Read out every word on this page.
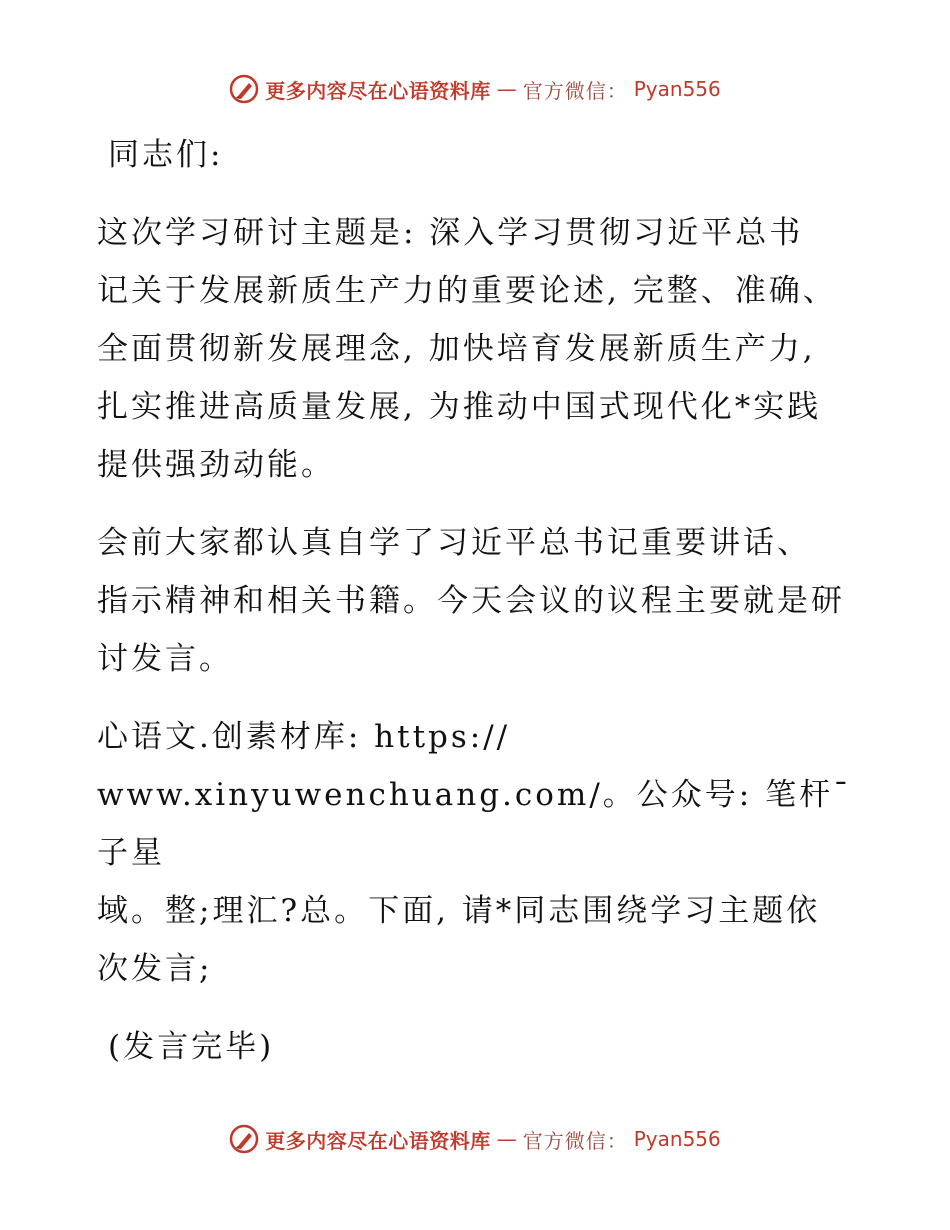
更多内容尽在心语资料库 — 官方微信： Pyan556
同志们:
这次学习研讨主题是: 深入学习贯彻习近平总书
记关于发展新质生产力的重要论述, 完整、准确、
全面贯彻新发展理念, 加快培育发展新质生产力,
扎实推进高质量发展, 为推动中国式现代化*实践
提供强劲动能。
会前大家都认真自学了习近平总书记重要讲话、
指示精神和相关书籍。今天会议的议程主要就是研
讨发言。
心语文.创素材库: https://
www.xinyuwenchuang.com/。公众号: 笔杆¯子星
域。整;理汇?总。下面, 请*同志围绕学习主题依
次发言;
(发言完毕)
更多内容尽在心语资料库 — 官方微信： Pyan556
